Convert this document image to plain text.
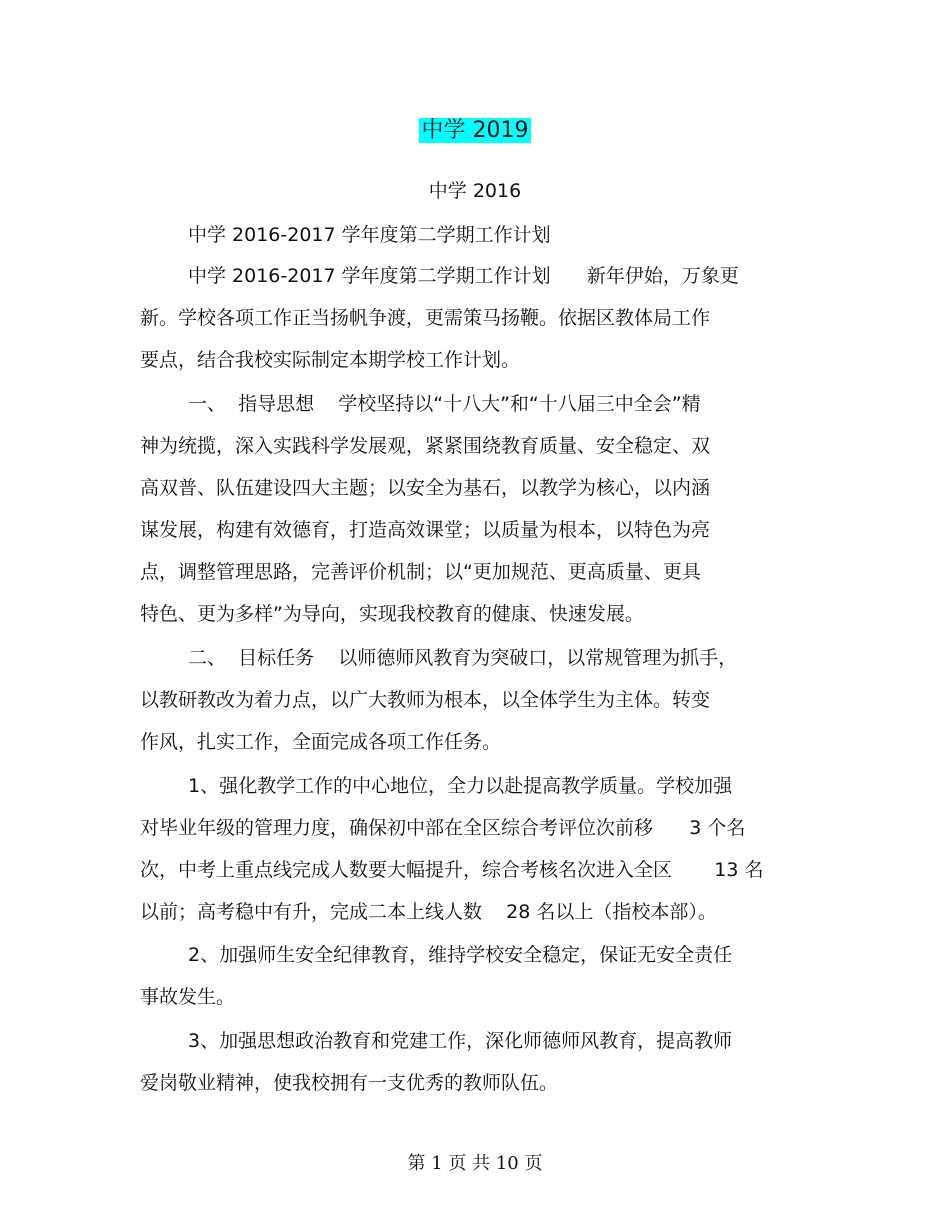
中学 2019
中学 2016
中学 2016-2017 学年度第二学期工作计划
中学 2016-2017 学年度第二学期工作计划      新年伊始，万象更
新。学校各项工作正当扬帆争渡，更需策马扬鞭。依据区教体局工作
要点，结合我校实际制定本期学校工作计划。
一、  指导思想    学校坚持以“十八大”和“十八届三中全会”精
神为统揽，深入实践科学发展观，紧紧围绕教育质量、安全稳定、双
高双普、队伍建设四大主题；以安全为基石，以教学为核心，以内涵
谋发展，构建有效德育，打造高效课堂；以质量为根本，以特色为亮
点，调整管理思路，完善评价机制；以“更加规范、更高质量、更具
特色、更为多样”为导向，实现我校教育的健康、快速发展。
二、  目标任务    以师德师风教育为突破口，以常规管理为抓手，
以教研教改为着力点，以广大教师为根本，以全体学生为主体。转变
作风，扎实工作，全面完成各项工作任务。
1、强化教学工作的中心地位，全力以赴提高教学质量。学校加强
对毕业年级的管理力度，确保初中部在全区综合考评位次前移      3 个名
次，中考上重点线完成人数要大幅提升，综合考核名次进入全区       13 名
以前；高考稳中有升，完成二本上线人数    28 名以上（指校本部）。
2、加强师生安全纪律教育，维持学校安全稳定，保证无安全责任
事故发生。
3、加强思想政治教育和党建工作，深化师德师风教育，提高教师
爱岗敬业精神，使我校拥有一支优秀的教师队伍。
第 1 页 共 10 页
